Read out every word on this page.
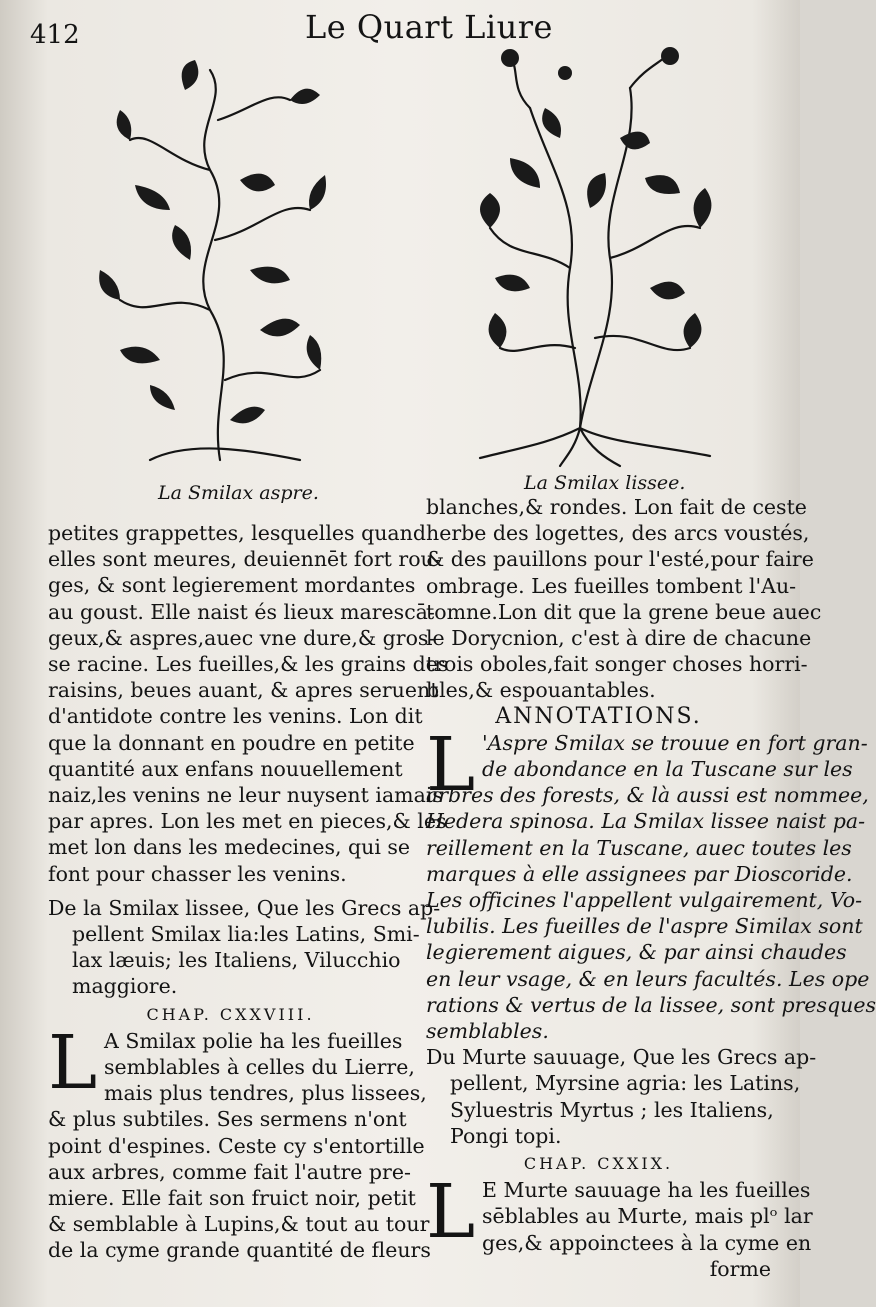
412	Le Quart Liure
La Smilax aspre.	La Smilax lissee.
petites grappettes, lesquelles quand
elles sont meures, deuiennēt fort rou-
ges, & sont legierement mordantes
au goust. Elle naist és lieux marescā-
geux,& aspres,auec vne dure,& gros-
se racine. Les fueilles,& les grains des
raisins, beues auant, & apres seruent
d'antidote contre les venins. Lon dit
que la donnant en poudre en petite
quantité aux enfans nouuellement
naiz,les venins ne leur nuysent iamais
par apres. Lon les met en pieces,& les
met lon dans les medecines, qui se
font pour chasser les venins.
De la Smilax lissee, Que les Grecs ap-
pellent Smilax lia:les Latins, Smi-
lax læuis; les Italiens, Vilucchio
maggiore.
CHAP. CXXVIII.
L A Smilax polie ha les fueilles
semblables à celles du Lierre,
mais plus tendres, plus lissees,
& plus subtiles. Ses sermens n'ont
point d'espines. Ceste cy s'entortille
aux arbres, comme fait l'autre pre-
miere. Elle fait son fruict noir, petit
& semblable à Lupins,& tout au tour
de la cyme grande quantité de fleurs
blanches,& rondes. Lon fait de ceste
herbe des logettes, des arcs voustés,
& des pauillons pour l'esté,pour faire
ombrage. Les fueilles tombent l'Au-
tomne.Lon dit que la grene beue auec
le Dorycnion, c'est à dire de chacune
trois oboles,fait songer choses horri-
bles,& espouantables.
ANNOTATIONS.
L 'Aspre Smilax se trouue en fort gran-
de abondance en la Tuscane sur les
arbres des forests, & là aussi est nommee,
Hedera spinosa. La Smilax lissee naist pa-
reillement en la Tuscane, auec toutes les
marques à elle assignees par Dioscoride.
Les officines l'appellent vulgairement, Vo-
lubilis. Les fueilles de l'aspre Similax sont
legierement aigues, & par ainsi chaudes
en leur vsage, & en leurs facultés. Les ope
rations & vertus de la lissee, sont presques
semblables.
Du Murte sauuage, Que les Grecs ap-
pellent, Myrsine agria: les Latins,
Syluestris Myrtus ; les Italiens,
Pongi topi.
CHAP. CXXIX.
L E Murte sauuage ha les fueilles
sēblables au Murte, mais plᵒ lar
ges,& appoinctees à la cyme en
forme
